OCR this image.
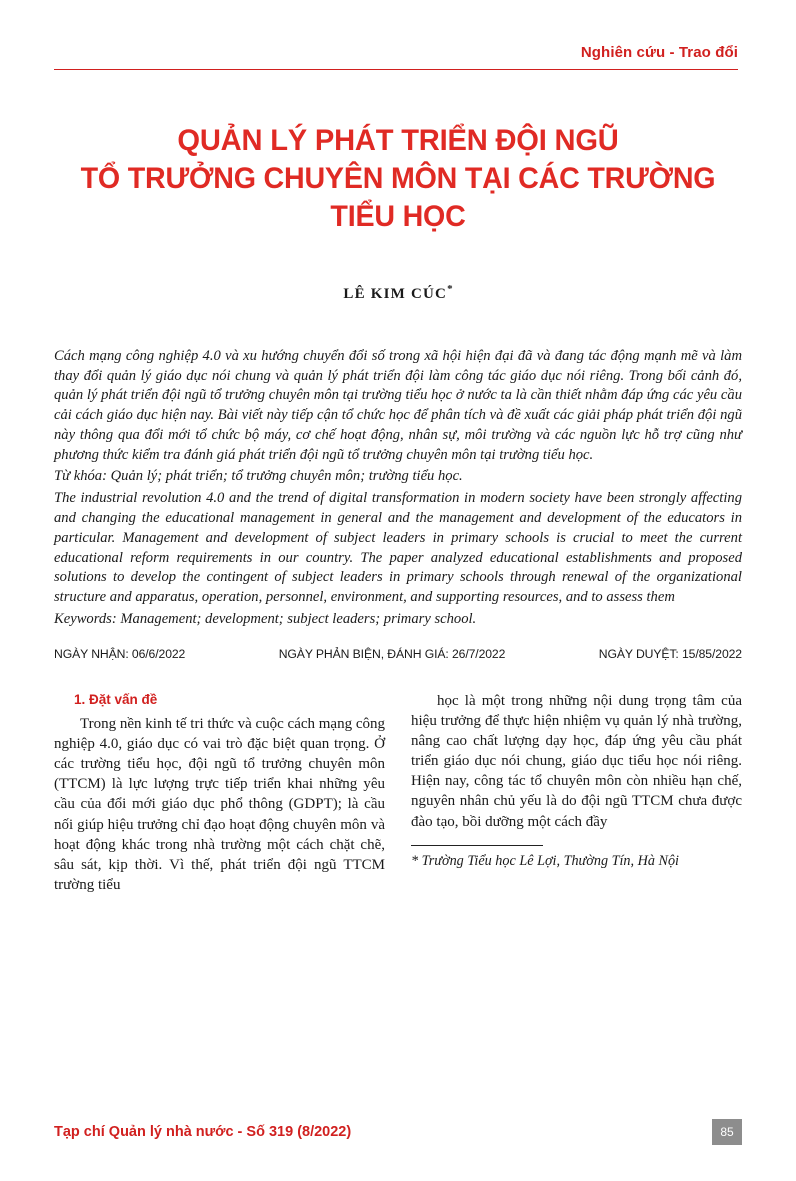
Nghiên cứu - Trao đổi
QUẢN LÝ PHÁT TRIỂN ĐỘI NGŨ
TỔ TRƯỞNG CHUYÊN MÔN TẠI CÁC TRƯỜNG TIỂU HỌC
LÊ KIM CÚC*

Cách mạng công nghiệp 4.0 và xu hướng chuyển đổi số trong xã hội hiện đại đã và đang tác động mạnh mẽ và làm thay đổi quản lý giáo dục nói chung và quản lý phát triển đội làm công tác giáo dục nói riêng. Trong bối cảnh đó, quản lý phát triển đội ngũ tổ trưởng chuyên môn tại trường tiểu học ở nước ta là cần thiết nhằm đáp ứng các yêu cầu cải cách giáo dục hiện nay. Bài viết này tiếp cận tổ chức học để phân tích và đề xuất các giải pháp phát triển đội ngũ này thông qua đổi mới tổ chức bộ máy, cơ chế hoạt động, nhân sự, môi trường và các nguồn lực hỗ trợ cũng như phương thức kiểm tra đánh giá phát triển đội ngũ tổ trưởng chuyên môn tại trường tiểu học.

Từ khóa: Quản lý; phát triển; tổ trưởng chuyên môn; trường tiểu học.

The industrial revolution 4.0 and the trend of digital transformation in modern society have been strongly affecting and changing the educational management in general and the management and development of the educators in particular. Management and development of subject leaders in primary schools is crucial to meet the current educational reform requirements in our country. The paper analyzed educational establishments and proposed solutions to develop the contingent of subject leaders in primary schools through renewal of the organizational structure and apparatus, operation, personnel, environment, and supporting resources, and to assess them

Keywords: Management; development; subject leaders; primary school.

NGÀY NHẬN: 06/6/2022	NGÀY PHẢN BIỆN, ĐÁNH GIÁ: 26/7/2022	NGÀY DUYỆT: 15/85/2022
1. Đặt vấn đề

Trong nền kinh tế tri thức và cuộc cách mạng công nghiệp 4.0, giáo dục có vai trò đặc biệt quan trọng. Ở các trường tiểu học, đội ngũ tổ trưởng chuyên môn (TTCM) là lực lượng trực tiếp triển khai những yêu cầu của đổi mới giáo dục phổ thông (GDPT); là cầu nối giúp hiệu trưởng chỉ đạo hoạt động chuyên môn và hoạt động khác trong nhà trường một cách chặt chẽ, sâu sát, kịp thời. Vì thế, phát triển đội ngũ TTCM trường tiểu

học là một trong những nội dung trọng tâm của hiệu trưởng để thực hiện nhiệm vụ quản lý nhà trường, nâng cao chất lượng dạy học, đáp ứng yêu cầu phát triển giáo dục nói chung, giáo dục tiểu học nói riêng. Hiện nay, công tác tổ chuyên môn còn nhiều hạn chế, nguyên nhân chủ yếu là do đội ngũ TTCM chưa được đào tạo, bồi dưỡng một cách đầy

* Trường Tiểu học Lê Lợi, Thường Tín, Hà Nội

Tạp chí Quản lý nhà nước - Số 319 (8/2022)	85
